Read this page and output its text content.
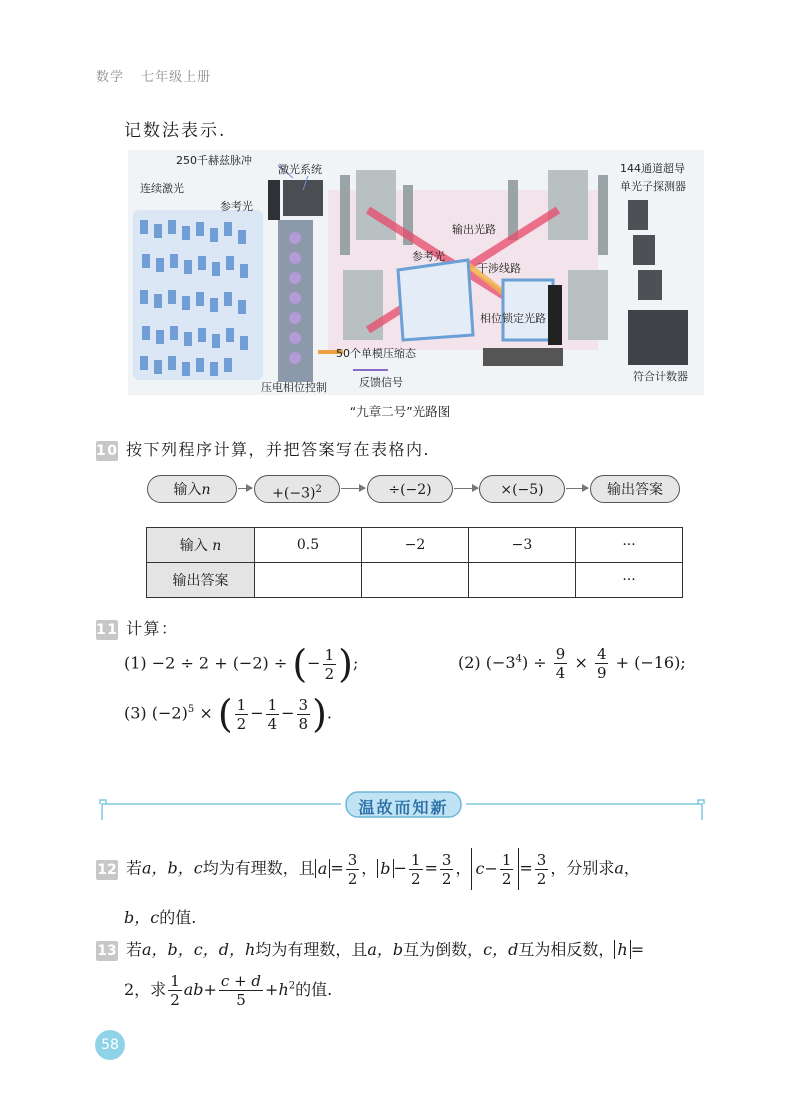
数学 七年级上册
记数法表示.
250千赫兹脉冲
激光系统
连续激光
参考光
144通道超导
单光子探测器
输出光路
参考光
干涉线路
相位锁定光路
50个单模压缩态
压电相位控制	反馈信号	符合计数器
“九章二号”光路图
10 按下列程序计算，并把答案写在表格内.
输入n	$+(-3)^2$	÷(−2)	×(−5)	输出答案
输入 n	0.5	−2	−3	···
输出答案				···
11 计算：
(1) −2 ÷ 2 + (−2) ÷ (− $\frac{1}{2}$ );	(2) $(-3^4) \div \frac{9}{4} \times \frac{4}{9} + (-16)$;
(3) $(-2)^5$ × ( $\frac{1}{2} - \frac{1}{4} - \frac{3}{8}$ ).
温故而知新
12 若a，b，c均为有理数，且 $a = \frac{3}{2}$ ， $b - \frac{1}{2} = \frac{3}{2}$ ， $c- \frac{1}{2} = \frac{3}{2}$ ，分别求a，
b，c的值.
13 若a，b，c，d，h均为有理数，且a，b互为倒数，c，d互为相反数， h =
2，求 $\frac{1}{2} ab+ \frac{c + d}{5} +h^2$的值.
58
